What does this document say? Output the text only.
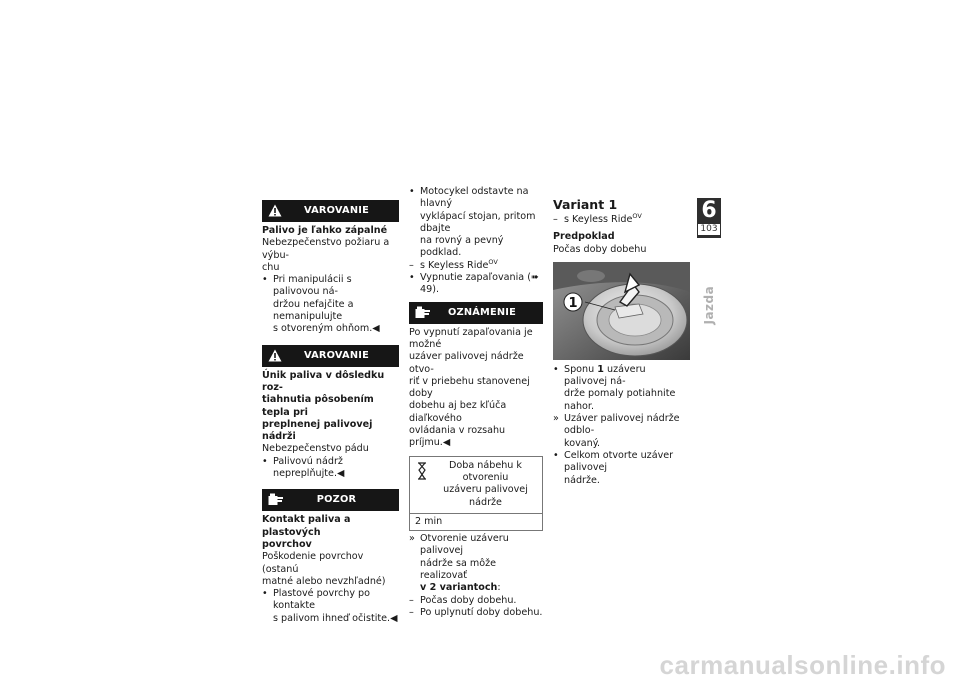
VAROVANIE
Palivo je ľahko zápalné
Nebezpečenstvo požiaru a výbu-
chu
• Pri manipulácii s palivovou ná-
držou nefajčite a nemanipulujte
s otvoreným ohňom.◀
VAROVANIE
Únik paliva v dôsledku roz-
tiahnutia pôsobením tepla pri
preplnenej palivovej nádrži
Nebezpečenstvo pádu
• Palivovú nádrž nepreplňujte.◀
POZOR
Kontakt paliva a plastových
povrchov
Poškodenie povrchov (ostanú
matné alebo nevzhľadné)
• Plastové povrchy po kontakte
s palivom ihneď očistite.◀
• Motocykel odstavte na hlavný
vyklápací stojan, pritom dbajte
na rovný a pevný podklad.
– s Keyless Ride$^{OV}$
• Vypnutie zapaľovania (➠ 49).
OZNÁMENIE
Po vypnutí zapaľovania je možné
uzáver palivovej nádrže otvo-
riť v priebehu stanovenej doby
dobehu aj bez kľúča diaľkového
ovládania v rozsahu príjmu.◀
Doba nábehu k otvoreniu
uzáveru palivovej nádrže
2 min
» Otvorenie uzáveru palivovej
nádrže sa môže realizovať
v 2 variantoch:
– Počas doby dobehu.
– Po uplynutí doby dobehu.
Variant 1
– s Keyless Ride$^{OV}$
Predpoklad
Počas doby dobehu
1
• Sponu 1 uzáveru palivovej ná-
drže pomaly potiahnite nahor.
» Uzáver palivovej nádrže odblo-
kovaný.
• Celkom otvorte uzáver palivovej
nádrže.
6
103
Jazda
carmanualsonline.info
